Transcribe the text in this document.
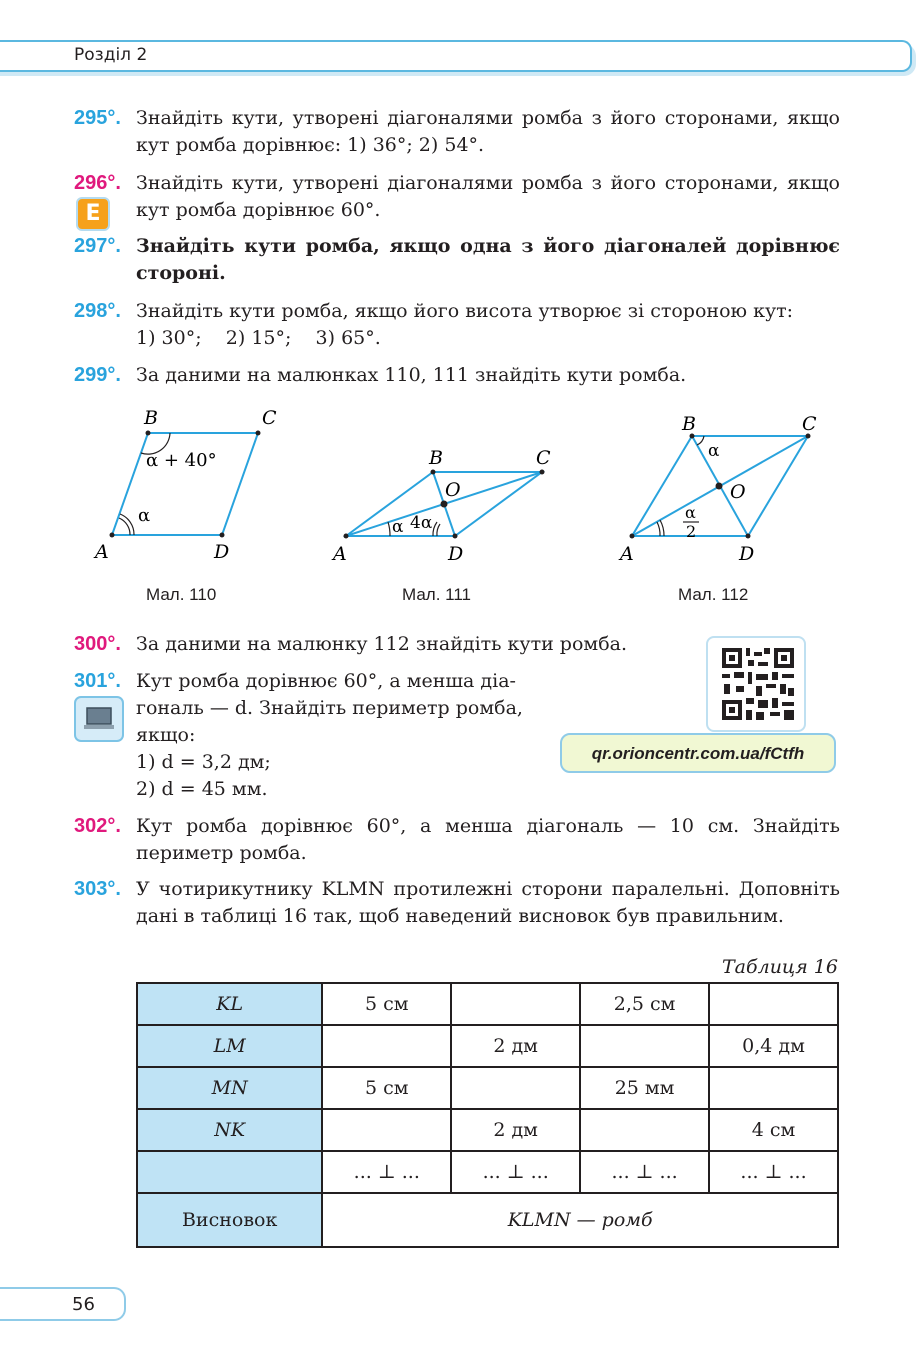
Розділ 2
295°. Знайдіть кути, утворені діагоналями ромба з його сторонами, якщо кут ромба дорівнює: 1) 36°; 2) 54°.
296°. Знайдіть кути, утворені діагоналями ромба з його сторонами, якщо кут ромба дорівнює 60°.
Е
297°. Знайдіть кути ромба, якщо одна з його діагоналей дорівнює стороні.
298°. Знайдіть кути ромба, якщо його висота утворює зі стороною кут:
1) 30°;    2) 15°;    3) 65°.
299°. За даними на малюнках 110, 111 знайдіть кути ромба.
B	C
A	D
α + 40°
α
B	C
A	D
O
α 4α
B	C
A	D
O
α
α
2
Мал. 110	Мал. 111	Мал. 112
300°. За даними на малюнку 112 знайдіть кути ромба.
301°. Кут ромба дорівнює 60°, а менша діа-
гональ — d. Знайдіть периметр ромба,
якщо:
1) d = 3,2 дм;
2) d = 45 мм.
qr.orioncentr.com.ua/fCtfh
302°. Кут ромба дорівнює 60°, а менша діагональ — 10 см. Знайдіть периметр ромба.
303°. У чотирикутнику KLMN протилежні сторони паралельні. Доповніть дані в таблиці 16 так, щоб наведений висновок був правильним.
Таблиця 16
KL	5 см		2,5 см	
LM		2 дм		0,4 дм
MN	5 см		25 мм	
NK		2 дм		4 см
	... ⊥ ...	... ⊥ ...	... ⊥ ...	... ⊥ ...
Висновок	KLMN — ромб			
56
